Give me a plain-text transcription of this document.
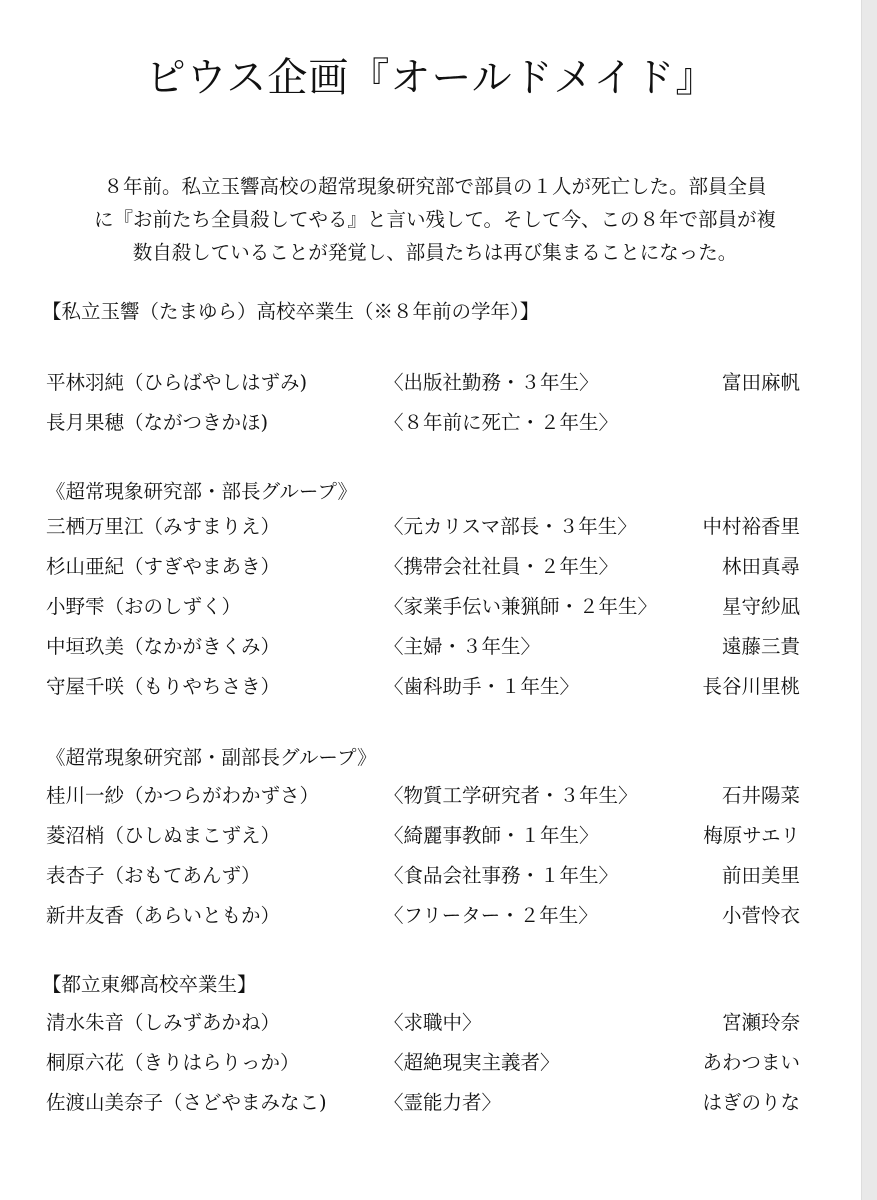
ピウス企画『オールドメイド』
８年前。私立玉響高校の超常現象研究部で部員の１人が死亡した。部員全員
に『お前たち全員殺してやる』と言い残して。そして今、この８年で部員が複
数自殺していることが発覚し、部員たちは再び集まることになった。
【私立玉響（たまゆら）高校卒業生（※８年前の学年）】
平林羽純（ひらばやしはずみ)	〈出版社勤務・３年生〉	富田麻帆
長月果穂（ながつきかほ)	〈８年前に死亡・２年生〉
《超常現象研究部・部長グループ》
三栖万里江（みすまりえ）	〈元カリスマ部長・３年生〉	中村裕香里
杉山亜紀（すぎやまあき）	〈携帯会社社員・２年生〉	林田真尋
小野雫（おのしずく）	〈家業手伝い兼猟師・２年生〉	星守紗凪
中垣玖美（なかがきくみ）	〈主婦・３年生〉	遠藤三貴
守屋千咲（もりやちさき）	〈歯科助手・１年生〉	長谷川里桃
《超常現象研究部・副部長グループ》
桂川一紗（かつらがわかずさ）	〈物質工学研究者・３年生〉	石井陽菜
菱沼梢（ひしぬまこずえ）	〈綺麗事教師・１年生〉	梅原サエリ
表杏子（おもてあんず）	〈食品会社事務・１年生〉	前田美里
新井友香（あらいともか）	〈フリーター・２年生〉	小菅怜衣
【都立東郷高校卒業生】
清水朱音（しみずあかね）	〈求職中〉	宮瀬玲奈
桐原六花（きりはらりっか）	〈超絶現実主義者〉	あわつまい
佐渡山美奈子（さどやまみなこ)	〈霊能力者〉	はぎのりな
